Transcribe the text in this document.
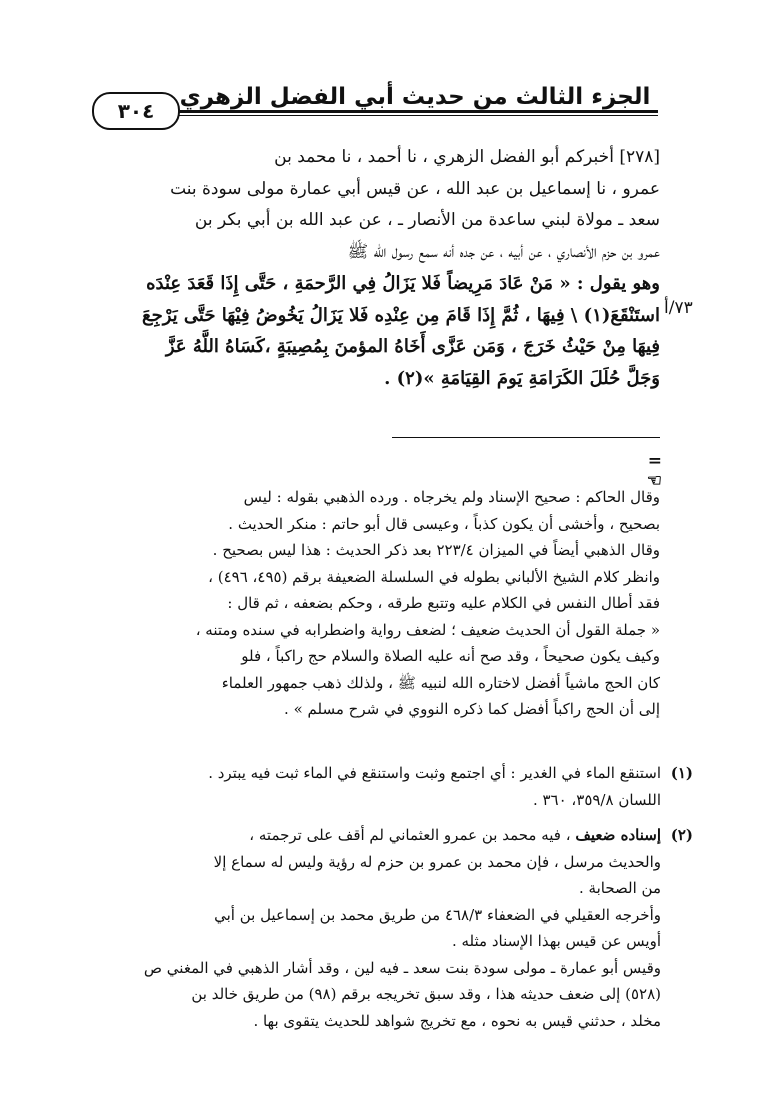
الجزء الثالث من حديث أبي الفضل الزهري
٣٠٤

[٢٧٨] أخبركم أبو الفضل الزهري ، نا أحمد ، نا محمد بن

عمرو ، نا إسماعيل بن عبد الله ، عن قيس أبي عمارة مولى سودة بنت

سعد ـ مولاة لبني ساعدة من الأنصار ـ ، عن عبد الله بن أبي بكر بن

عمرو بن حزم الأنصاري ، عن أبيه ، عن جده أنه سمع رسول الله ﷺ

وهو يقول : « مَنْ عَادَ مَرِيضاً فَلا يَزَالُ فِي الرَّحمَةِ ، حَتَّى إِذَا قَعَدَ عِنْدَه

استَنْقَعَ(١) \ فِيهَا ، ثُمَّ إِذَا قَامَ مِن عِنْدِه فَلا يَزَالُ يَخُوضُ فِيْهَا حَتَّى يَرْجِعَ

فِيهَا مِنْ حَيْثُ خَرَجَ ، وَمَن عَزَّى أَخَاهُ المؤمنَ بِمُصِيبَةٍ ،كَسَاهُ اللَّهُ عَزَّ

وَجَلَّ حُلَلَ الكَرَامَةِ يَومَ القِيَامَةِ »(٢) .

٧٣/أ
= ☜

وقال الحاكم : صحيح الإسناد ولم يخرجاه . ورده الذهبي بقوله : ليس

بصحيح ، وأخشى أن يكون كذباً ، وعيسى قال أبو حاتم : منكر الحديث .

وقال الذهبي أيضاً في الميزان ٢٢٣/٤ بعد ذكر الحديث : هذا ليس بصحيح .

وانظر كلام الشيخ الألباني بطوله في السلسلة الضعيفة برقم (٤٩٥، ٤٩٦) ،

فقد أطال النفس في الكلام عليه وتتبع طرقه ، وحكم بضعفه ، ثم قال :

« جملة القول أن الحديث ضعيف ؛ لضعف رواية واضطرابه في سنده ومتنه ،

وكيف يكون صحيحاً ، وقد صح أنه عليه الصلاة والسلام حج راكباً ، فلو

كان الحج ماشياً أفضل لاختاره الله لنبيه ﷺ ، ولذلك ذهب جمهور العلماء

إلى أن الحج راكباً أفضل كما ذكره النووي في شرح مسلم » .

(١)

استنقع الماء في الغدير : أي اجتمع وثبت واستنقع في الماء ثبت فيه يبترد .

اللسان ٣٥٩/٨، ٣٦٠ .

(٢)

إسناده ضعيف ، فيه محمد بن عمرو العثماني لم أقف على ترجمته ،

والحديث مرسل ، فإن محمد بن عمرو بن حزم له رؤية وليس له سماع إلا

من الصحابة .

وأخرجه العقيلي في الضعفاء ٤٦٨/٣ من طريق محمد بن إسماعيل بن أبي

أويس عن قيس بهذا الإسناد مثله .

وقيس أبو عمارة ـ مولى سودة بنت سعد ـ فيه لين ، وقد أشار الذهبي في المغني ص

(٥٢٨) إلى ضعف حديثه هذا ، وقد سبق تخريجه برقم (٩٨) من طريق خالد بن

مخلد ، حدثني قيس به نحوه ، مع تخريج شواهد للحديث يتقوى بها .
